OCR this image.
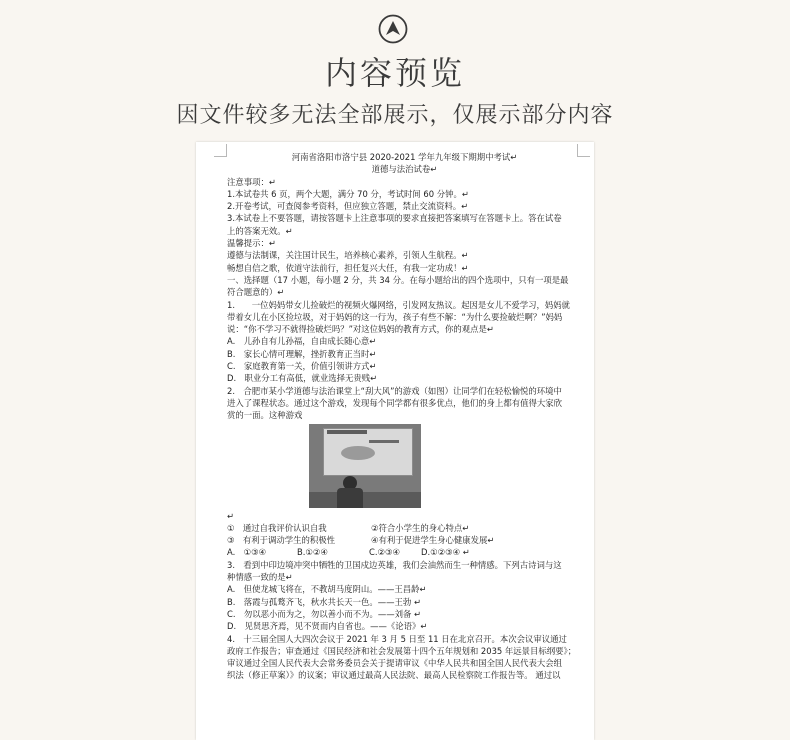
内容预览
因文件较多无法全部展示，仅展示部分内容

河南省洛阳市洛宁县 2020-2021 学年九年级下期期中考试↵

道德与法治试卷↵

注意事项：↵

1.本试卷共 6 页，两个大题，满分 70 分，考试时间 60 分钟。↵

2.开卷考试，可查阅参考资料，但应独立答题，禁止交流资料。↵

3.本试卷上不要答题，请按答题卡上注意事项的要求直接把答案填写在答题卡上。答在试卷

上的答案无效。↵

温馨提示：↵

遵德与法制课，关注国计民生，培养核心素养，引领人生航程。↵

畅想自信之歌，依道守法前行，担任复兴大任，有我一定功成！↵

一、选择题（17 小题，每小题 2 分，共 34 分。在每小题给出的四个选项中，只有一项是最

符合题意的）↵

1.　　一位妈妈带女儿捡破烂的视频火爆网络，引发网友热议。起因是女儿不爱学习，妈妈就

带着女儿在小区捡垃圾，对于妈妈的这一行为，孩子有些不解：“为什么要捡破烂啊？”妈妈

说：“你不学习不就得捡破烂吗？”对这位妈妈的教育方式，你的观点是↵

A.　儿孙自有儿孙福，自由成长随心意↵

B.　家长心情可理解，挫折教育正当时↵

C.　家庭教育第一关，价值引领讲方式↵

D.　职业分工有高低，就业选择无贵贱↵

2.　合肥市某小学道德与法治课堂上“刮大风”的游戏（如图）让同学们在轻松愉悦的环境中

进入了课程状态。通过这个游戏，发现每个同学都有很多优点，他们的身上都有值得大家欣

赏的一面。这种游戏

↵

①　通过自我评价认识自我	②符合小学生的身心特点↵
③　有利于调动学生的积极性	④有利于促进学生身心健康发展↵
A.　①③④	B.①②④	C.②③④	D.①②③④ ↵

3.　看到中印边境冲突中牺牲的卫国戍边英雄，我们会油然而生一种情感。下列古诗词与这

种情感一致的是↵

A.　但使龙城飞将在，不教胡马度阴山。——王昌龄↵

B.　落霞与孤鹜齐飞，秋水共长天一色。——王勃 ↵

C.　勿以恶小而为之，勿以善小而不为。——刘备 ↵

D.　见贤思齐焉，见不贤而内自省也。——《论语》↵

4.　十三届全国人大四次会议于 2021 年 3 月 5 日至 11 日在北京召开。本次会议审议通过

政府工作报告；审查通过《国民经济和社会发展第十四个五年规划和 2035 年远景目标纲要》；

审议通过全国人民代表大会常务委员会关于提请审议《中华人民共和国全国人民代表大会组

织法（修正草案）》的议案；审议通过最高人民法院、最高人民检察院工作报告等。 通过以
